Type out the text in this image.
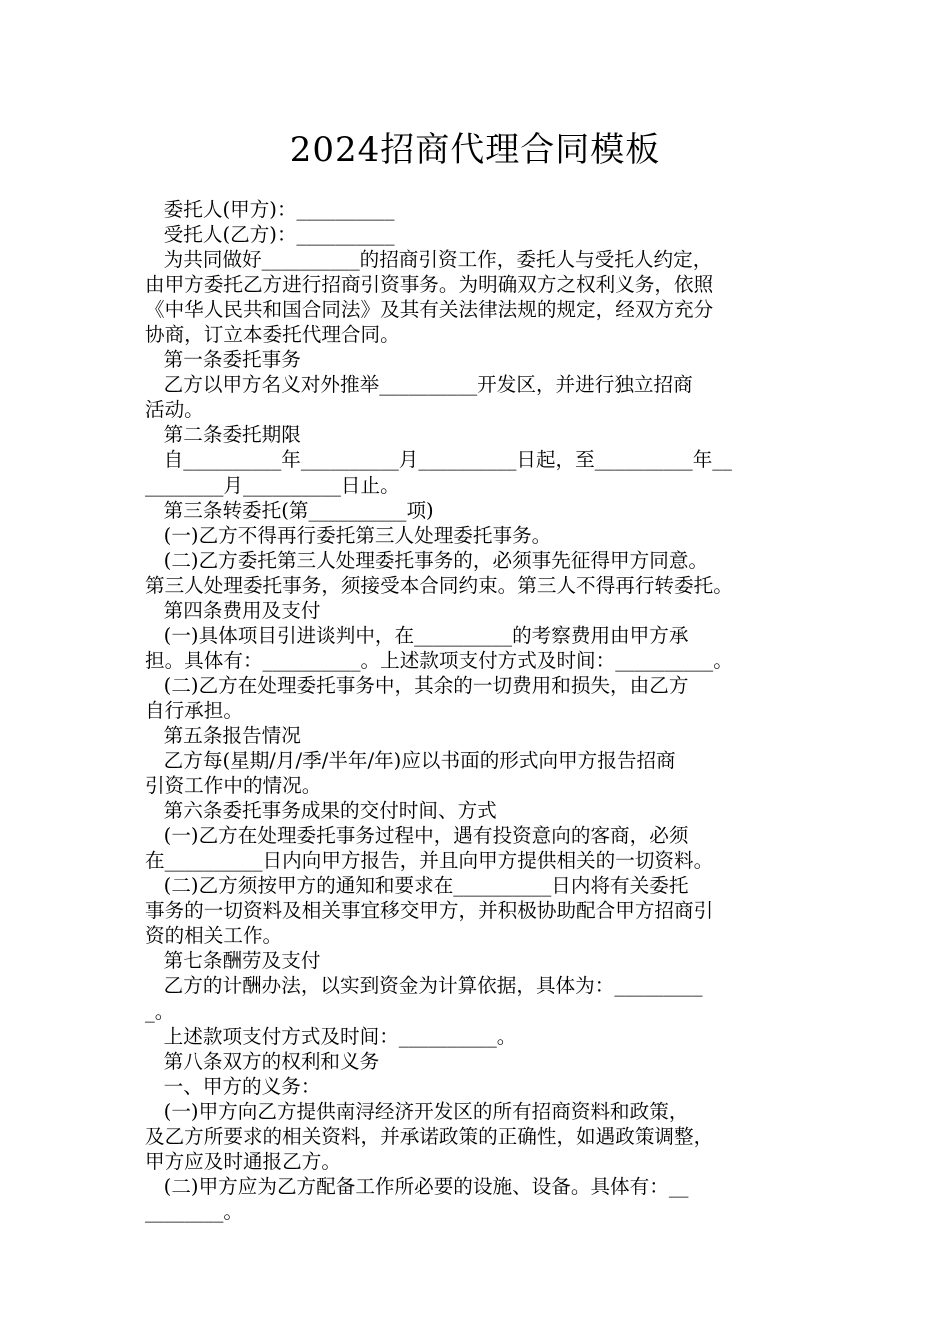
2024招商代理合同模板
委托人(甲方)：__________
受托人(乙方)：__________
为共同做好__________的招商引资工作，委托人与受托人约定，
由甲方委托乙方进行招商引资事务。为明确双方之权利义务，依照
《中华人民共和国合同法》及其有关法律法规的规定，经双方充分
协商，订立本委托代理合同。
第一条委托事务
乙方以甲方名义对外推举__________开发区，并进行独立招商
活动。
第二条委托期限
自__________年__________月__________日起，至__________年__
________月__________日止。
第三条转委托(第__________项)
(一)乙方不得再行委托第三人处理委托事务。
(二)乙方委托第三人处理委托事务的，必须事先征得甲方同意。
第三人处理委托事务，须接受本合同约束。第三人不得再行转委托。
第四条费用及支付
(一)具体项目引进谈判中，在__________的考察费用由甲方承
担。具体有：__________。上述款项支付方式及时间：__________。
(二)乙方在处理委托事务中，其余的一切费用和损失，由乙方
自行承担。
第五条报告情况
乙方每(星期/月/季/半年/年)应以书面的形式向甲方报告招商
引资工作中的情况。
第六条委托事务成果的交付时间、方式
(一)乙方在处理委托事务过程中，遇有投资意向的客商，必须
在__________日内向甲方报告，并且向甲方提供相关的一切资料。
(二)乙方须按甲方的通知和要求在__________日内将有关委托
事务的一切资料及相关事宜移交甲方，并积极协助配合甲方招商引
资的相关工作。
第七条酬劳及支付
乙方的计酬办法，以实到资金为计算依据，具体为：_________
_。
上述款项支付方式及时间：__________。
第八条双方的权利和义务
一、甲方的义务：
(一)甲方向乙方提供南浔经济开发区的所有招商资料和政策，
及乙方所要求的相关资料，并承诺政策的正确性，如遇政策调整，
甲方应及时通报乙方。
(二)甲方应为乙方配备工作所必要的设施、设备。具体有：__
________。
